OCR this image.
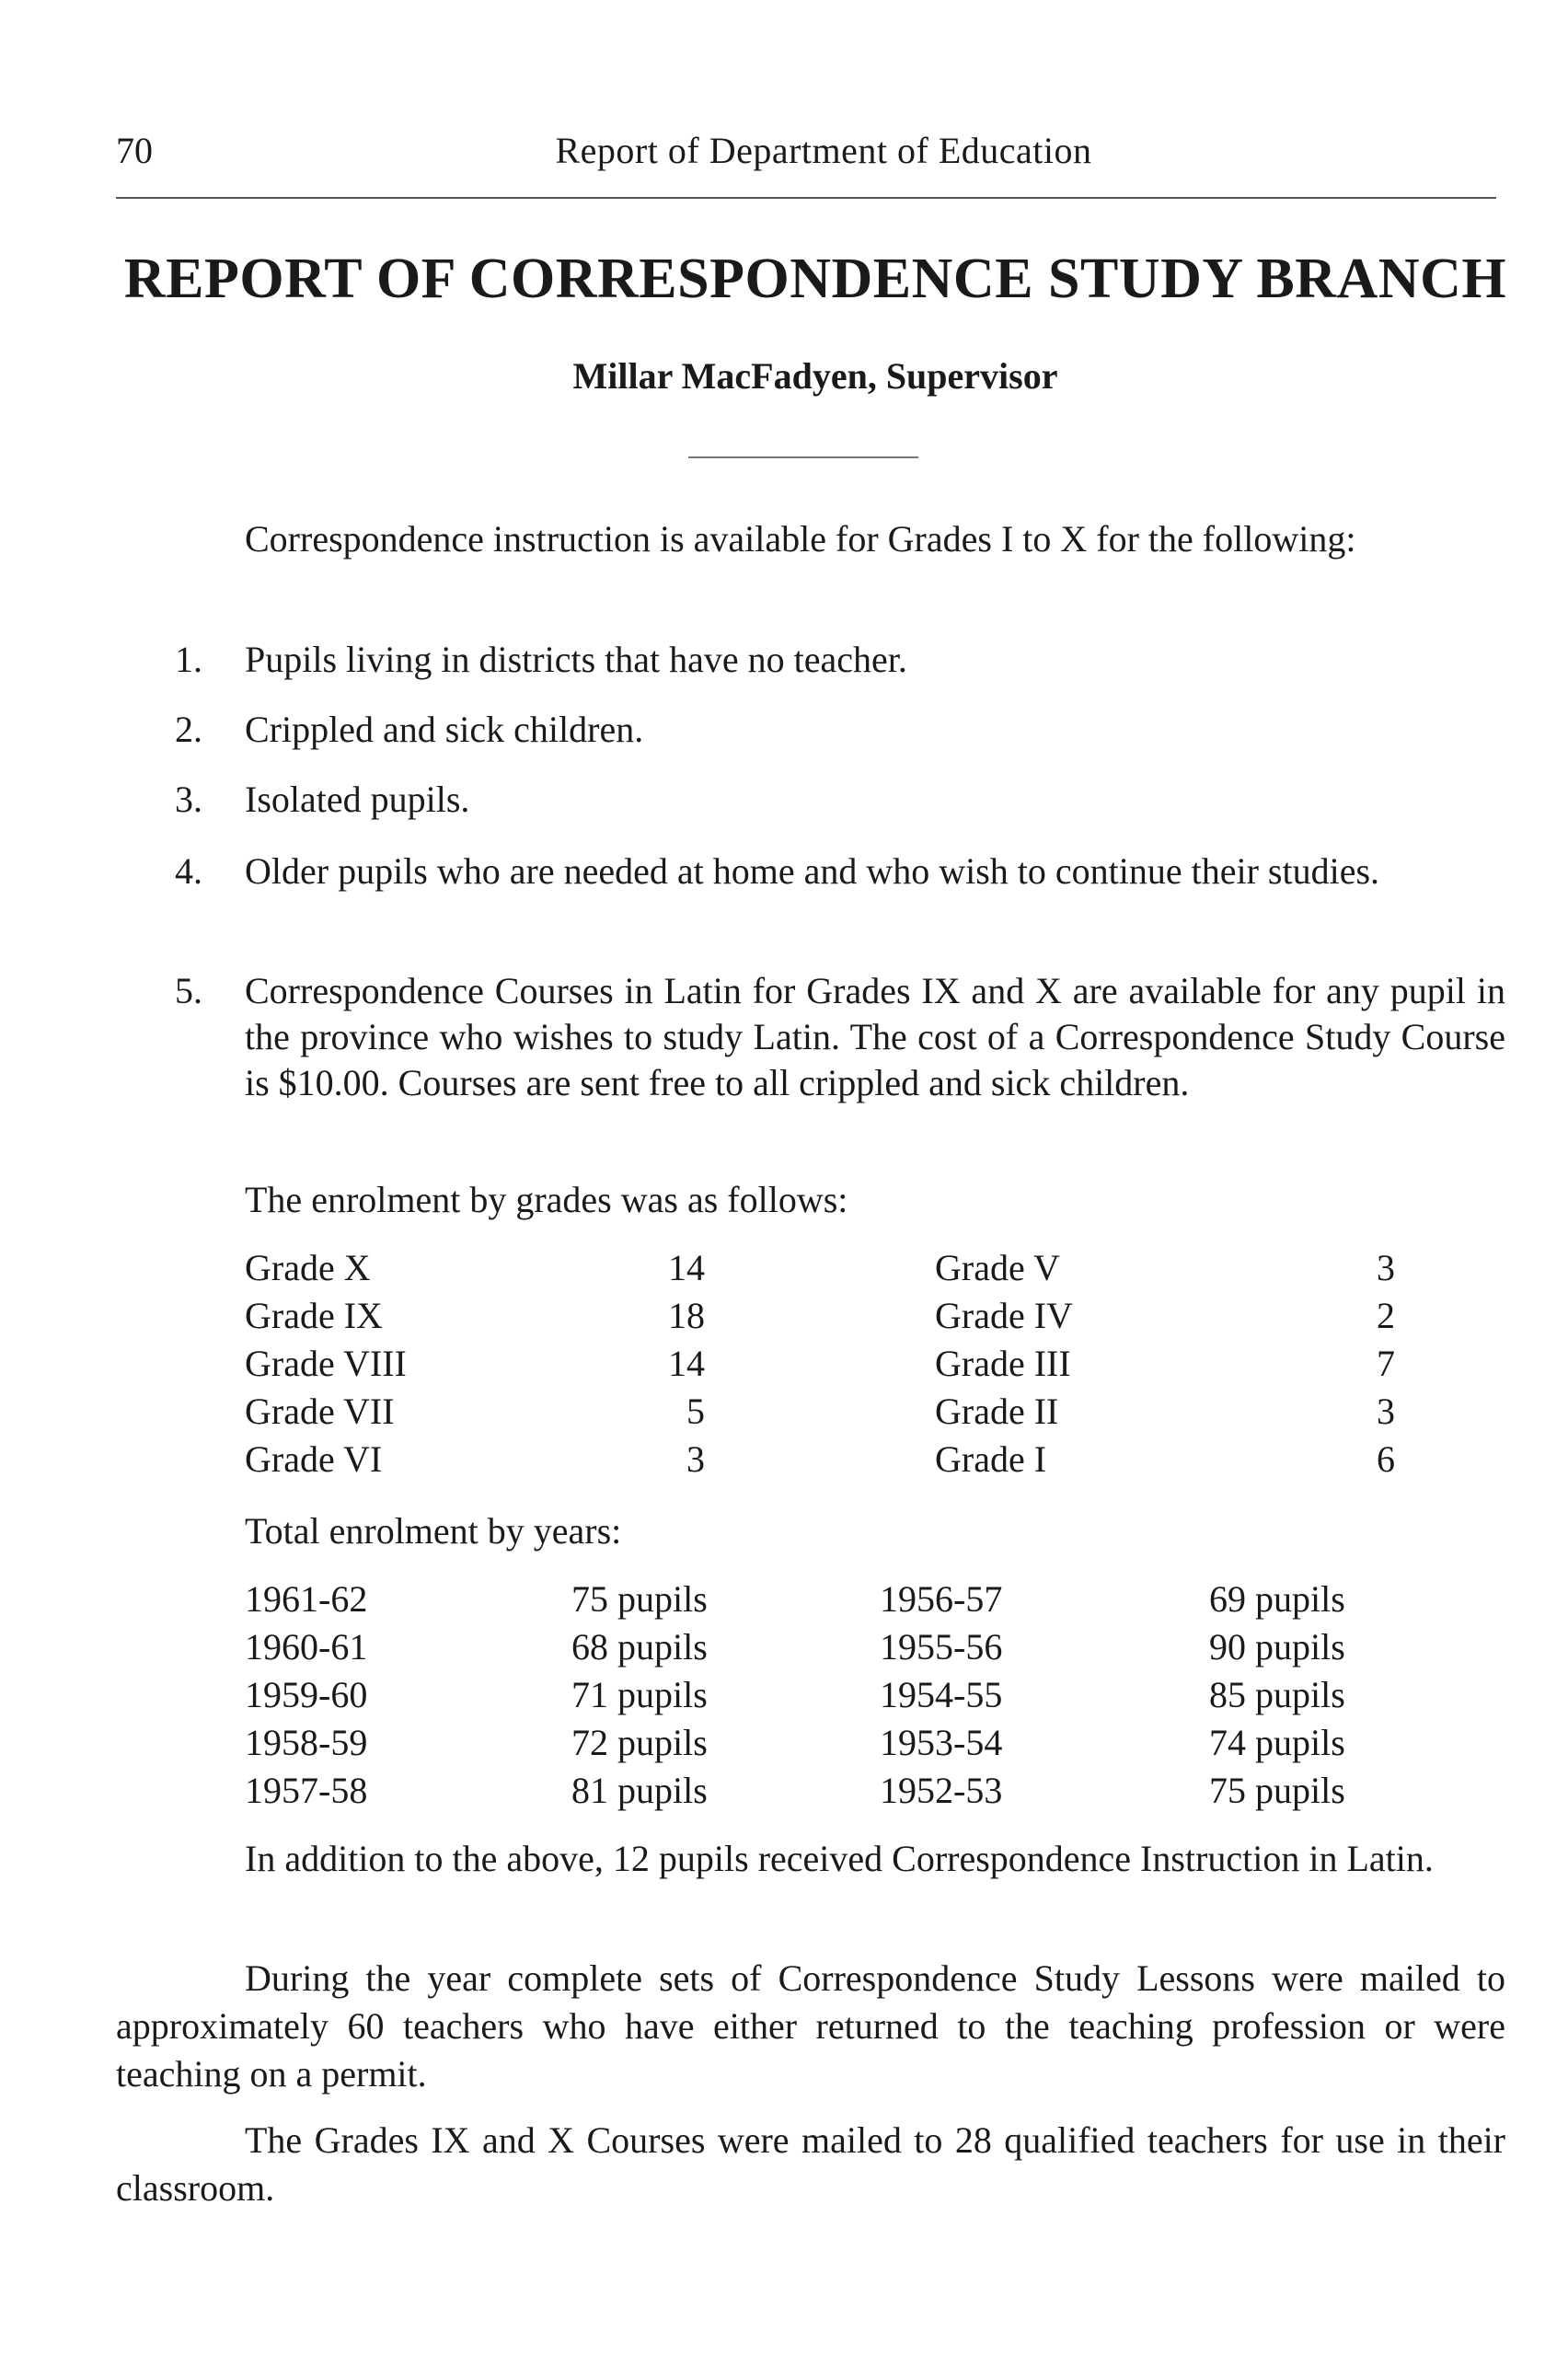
70	Report of Department of Education
REPORT OF CORRESPONDENCE STUDY BRANCH
Millar MacFadyen, Supervisor
Correspondence instruction is available for Grades I to X for the following:
1. Pupils living in districts that have no teacher.
2. Crippled and sick children.
3. Isolated pupils.
4. Older pupils who are needed at home and who wish to continue their studies.
5. Correspondence Courses in Latin for Grades IX and X are available for any pupil in the province who wishes to study Latin. The cost of a Correspondence Study Course is $10.00. Courses are sent free to all crippled and sick children.
The enrolment by grades was as follows:
Grade X	14	Grade V	3
Grade IX	18	Grade IV	2
Grade VIII	14	Grade III	7
Grade VII	5	Grade II	3
Grade VI	3	Grade I	6
Total enrolment by years:
1961-62	75 pupils	1956-57	69 pupils
1960-61	68 pupils	1955-56	90 pupils
1959-60	71 pupils	1954-55	85 pupils
1958-59	72 pupils	1953-54	74 pupils
1957-58	81 pupils	1952-53	75 pupils
In addition to the above, 12 pupils received Correspondence Instruction in Latin.
During the year complete sets of Correspondence Study Lessons were mailed to approximately 60 teachers who have either returned to the teaching profession or were teaching on a permit.
The Grades IX and X Courses were mailed to 28 qualified teachers for use in their classroom.
